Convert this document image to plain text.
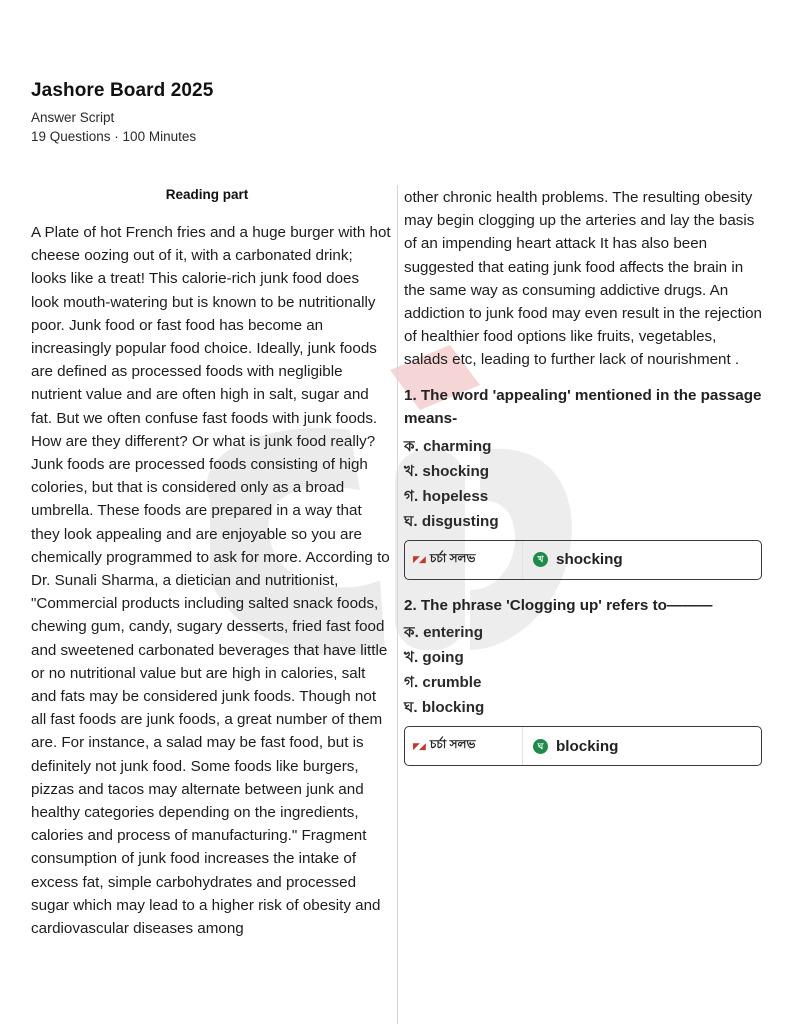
Jashore Board 2025
Answer Script
19 Questions · 100 Minutes
Reading part

A Plate of hot French fries and a huge burger with hot cheese oozing out of it, with a carbonated drink; looks like a treat! This calorie-rich junk food does look mouth-watering but is known to be nutritionally poor. Junk food or fast food has become an increasingly popular food choice. Ideally, junk foods are defined as processed foods with negligible nutrient value and are often high in salt, sugar and fat. But we often confuse fast foods with junk foods. How are they different? Or what is junk food really? Junk foods are processed foods consisting of high colories, but that is considered only as a broad umbrella. These foods are prepared in a way that they look appealing and are enjoyable so you are chemically programmed to ask for more. According to Dr. Sunali Sharma, a dietician and nutritionist, "Commercial products including salted snack foods, chewing gum, candy, sugary desserts, fried fast food and sweetened carbonated beverages that have little or no nutritional value but are high in calories, salt and fats may be considered junk foods. Though not all fast foods are junk foods, a great number of them are. For instance, a salad may be fast food, but is definitely not junk food. Some foods like burgers, pizzas and tacos may alternate between junk and healthy categories depending on the ingredients, calories and process of manufacturing." Fragment consumption of junk food increases the intake of excess fat, simple carbohydrates and processed sugar which may lead to a higher risk of obesity and cardiovascular diseases among

other chronic health problems. The resulting obesity may begin clogging up the arteries and lay the basis of an impending heart attack It has also been suggested that eating junk food affects the brain in the same way as consuming addictive drugs. An addiction to junk food may even result in the rejection of healthier food options like fruits, vegetables, salads etc, leading to further lack of nourishment .

1. The word 'appealing' mentioned in the passage means-
ক. charming
খ. shocking
গ. hopeless
ঘ. disgusting
◤◢ চর্চা সলভ	খ shocking
2. The phrase 'Clogging up' refers to———
ক. entering
খ. going
গ. crumble
ঘ. blocking
◤◢ চর্চা সলভ	ঘ blocking
